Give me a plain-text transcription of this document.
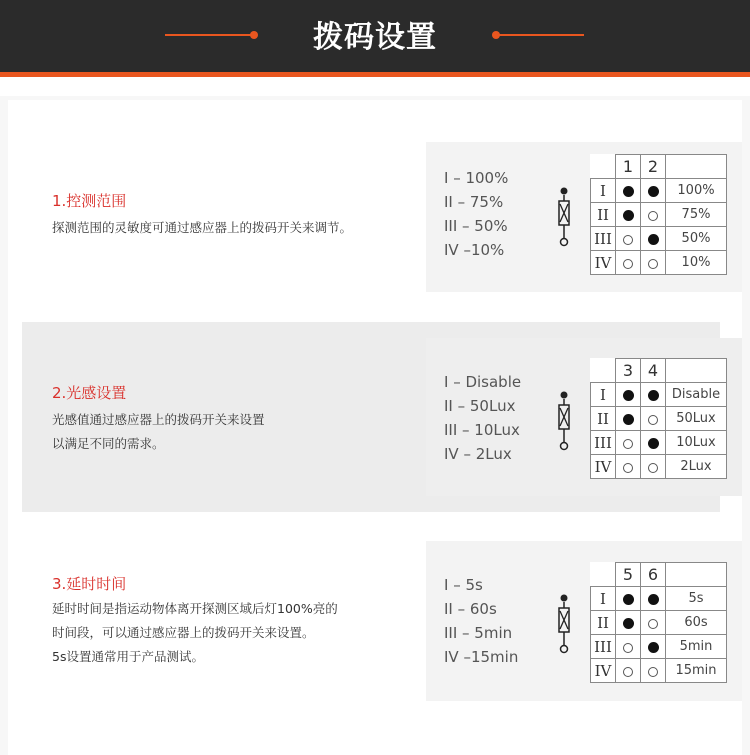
拨码设置
1.控测范围
探测范围的灵敏度可通过感应器上的拨码开关来调节。
I – 100%
II – 75%
III – 50%
IV –10%
	1	2	
I			100%
II			75%
III			50%
IV			10%
2.光感设置
光感值通过感应器上的拨码开关来设置
以满足不同的需求。
I – Disable
II – 50Lux
III – 10Lux
IV – 2Lux
	3	4	
I			Disable
II			50Lux
III			10Lux
IV			2Lux
3.延时时间
延时时间是指运动物体离开探测区域后灯100%亮的
时间段，可以通过感应器上的拨码开关来设置。
5s设置通常用于产品测试。
I – 5s
II – 60s
III – 5min
IV –15min
	5	6	
I			5s
II			60s
III			5min
IV			15min
